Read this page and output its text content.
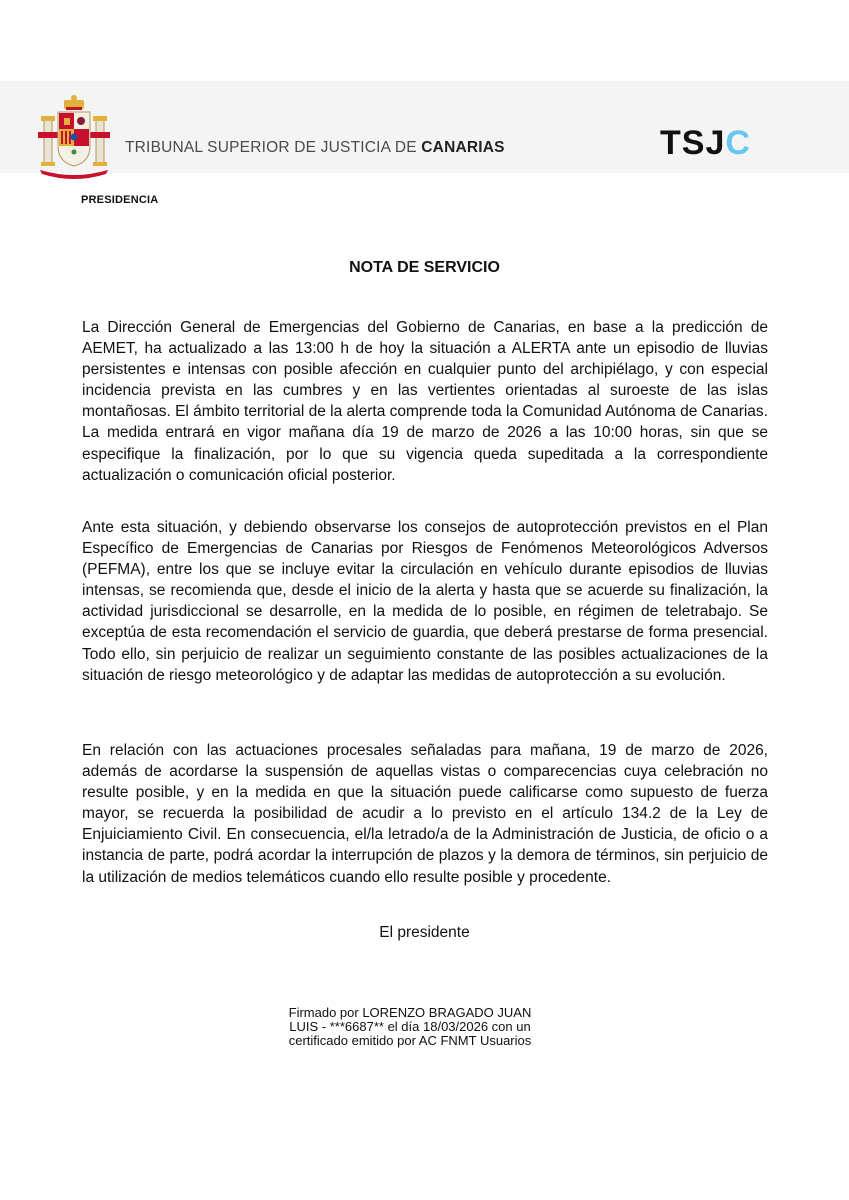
TRIBUNAL SUPERIOR DE JUSTICIA DE CANARIAS	TSJC
PRESIDENCIA
NOTA DE SERVICIO

La Dirección General de Emergencias del Gobierno de Canarias, en base a la predicción de AEMET, ha actualizado a las 13:00 h de hoy la situación a ALERTA ante un episodio de lluvias persistentes e intensas con posible afección en cualquier punto del archipiélago, y con especial incidencia prevista en las cumbres y en las vertientes orientadas al suroeste de las islas montañosas. El ámbito territorial de la alerta comprende toda la Comunidad Autónoma de Canarias. La medida entrará en vigor mañana día 19 de marzo de 2026 a las 10:00 horas, sin que se especifique la finalización, por lo que su vigencia queda supeditada a la correspondiente actualización o comunicación oficial posterior.

Ante esta situación, y debiendo observarse los consejos de autoprotección previstos en el Plan Específico de Emergencias de Canarias por Riesgos de Fenómenos Meteorológicos Adversos (PEFMA), entre los que se incluye evitar la circulación en vehículo durante episodios de lluvias intensas, se recomienda que, desde el inicio de la alerta y hasta que se acuerde su finalización, la actividad jurisdiccional se desarrolle, en la medida de lo posible, en régimen de teletrabajo. Se exceptúa de esta recomendación el servicio de guardia, que deberá prestarse de forma presencial. Todo ello, sin perjuicio de realizar un seguimiento constante de las posibles actualizaciones de la situación de riesgo meteorológico y de adaptar las medidas de autoprotección a su evolución.

En relación con las actuaciones procesales señaladas para mañana, 19 de marzo de 2026, además de acordarse la suspensión de aquellas vistas o comparecencias cuya celebración no resulte posible, y en la medida en que la situación puede calificarse como supuesto de fuerza mayor, se recuerda la posibilidad de acudir a lo previsto en el artículo 134.2 de la Ley de Enjuiciamiento Civil. En consecuencia, el/la letrado/a de la Administración de Justicia, de oficio o a instancia de parte, podrá acordar la interrupción de plazos y la demora de términos, sin perjuicio de la utilización de medios telemáticos cuando ello resulte posible y procedente.

El presidente
Firmado por LORENZO BRAGADO JUAN
LUIS - ***6687** el día 18/03/2026 con un
certificado emitido por AC FNMT Usuarios
